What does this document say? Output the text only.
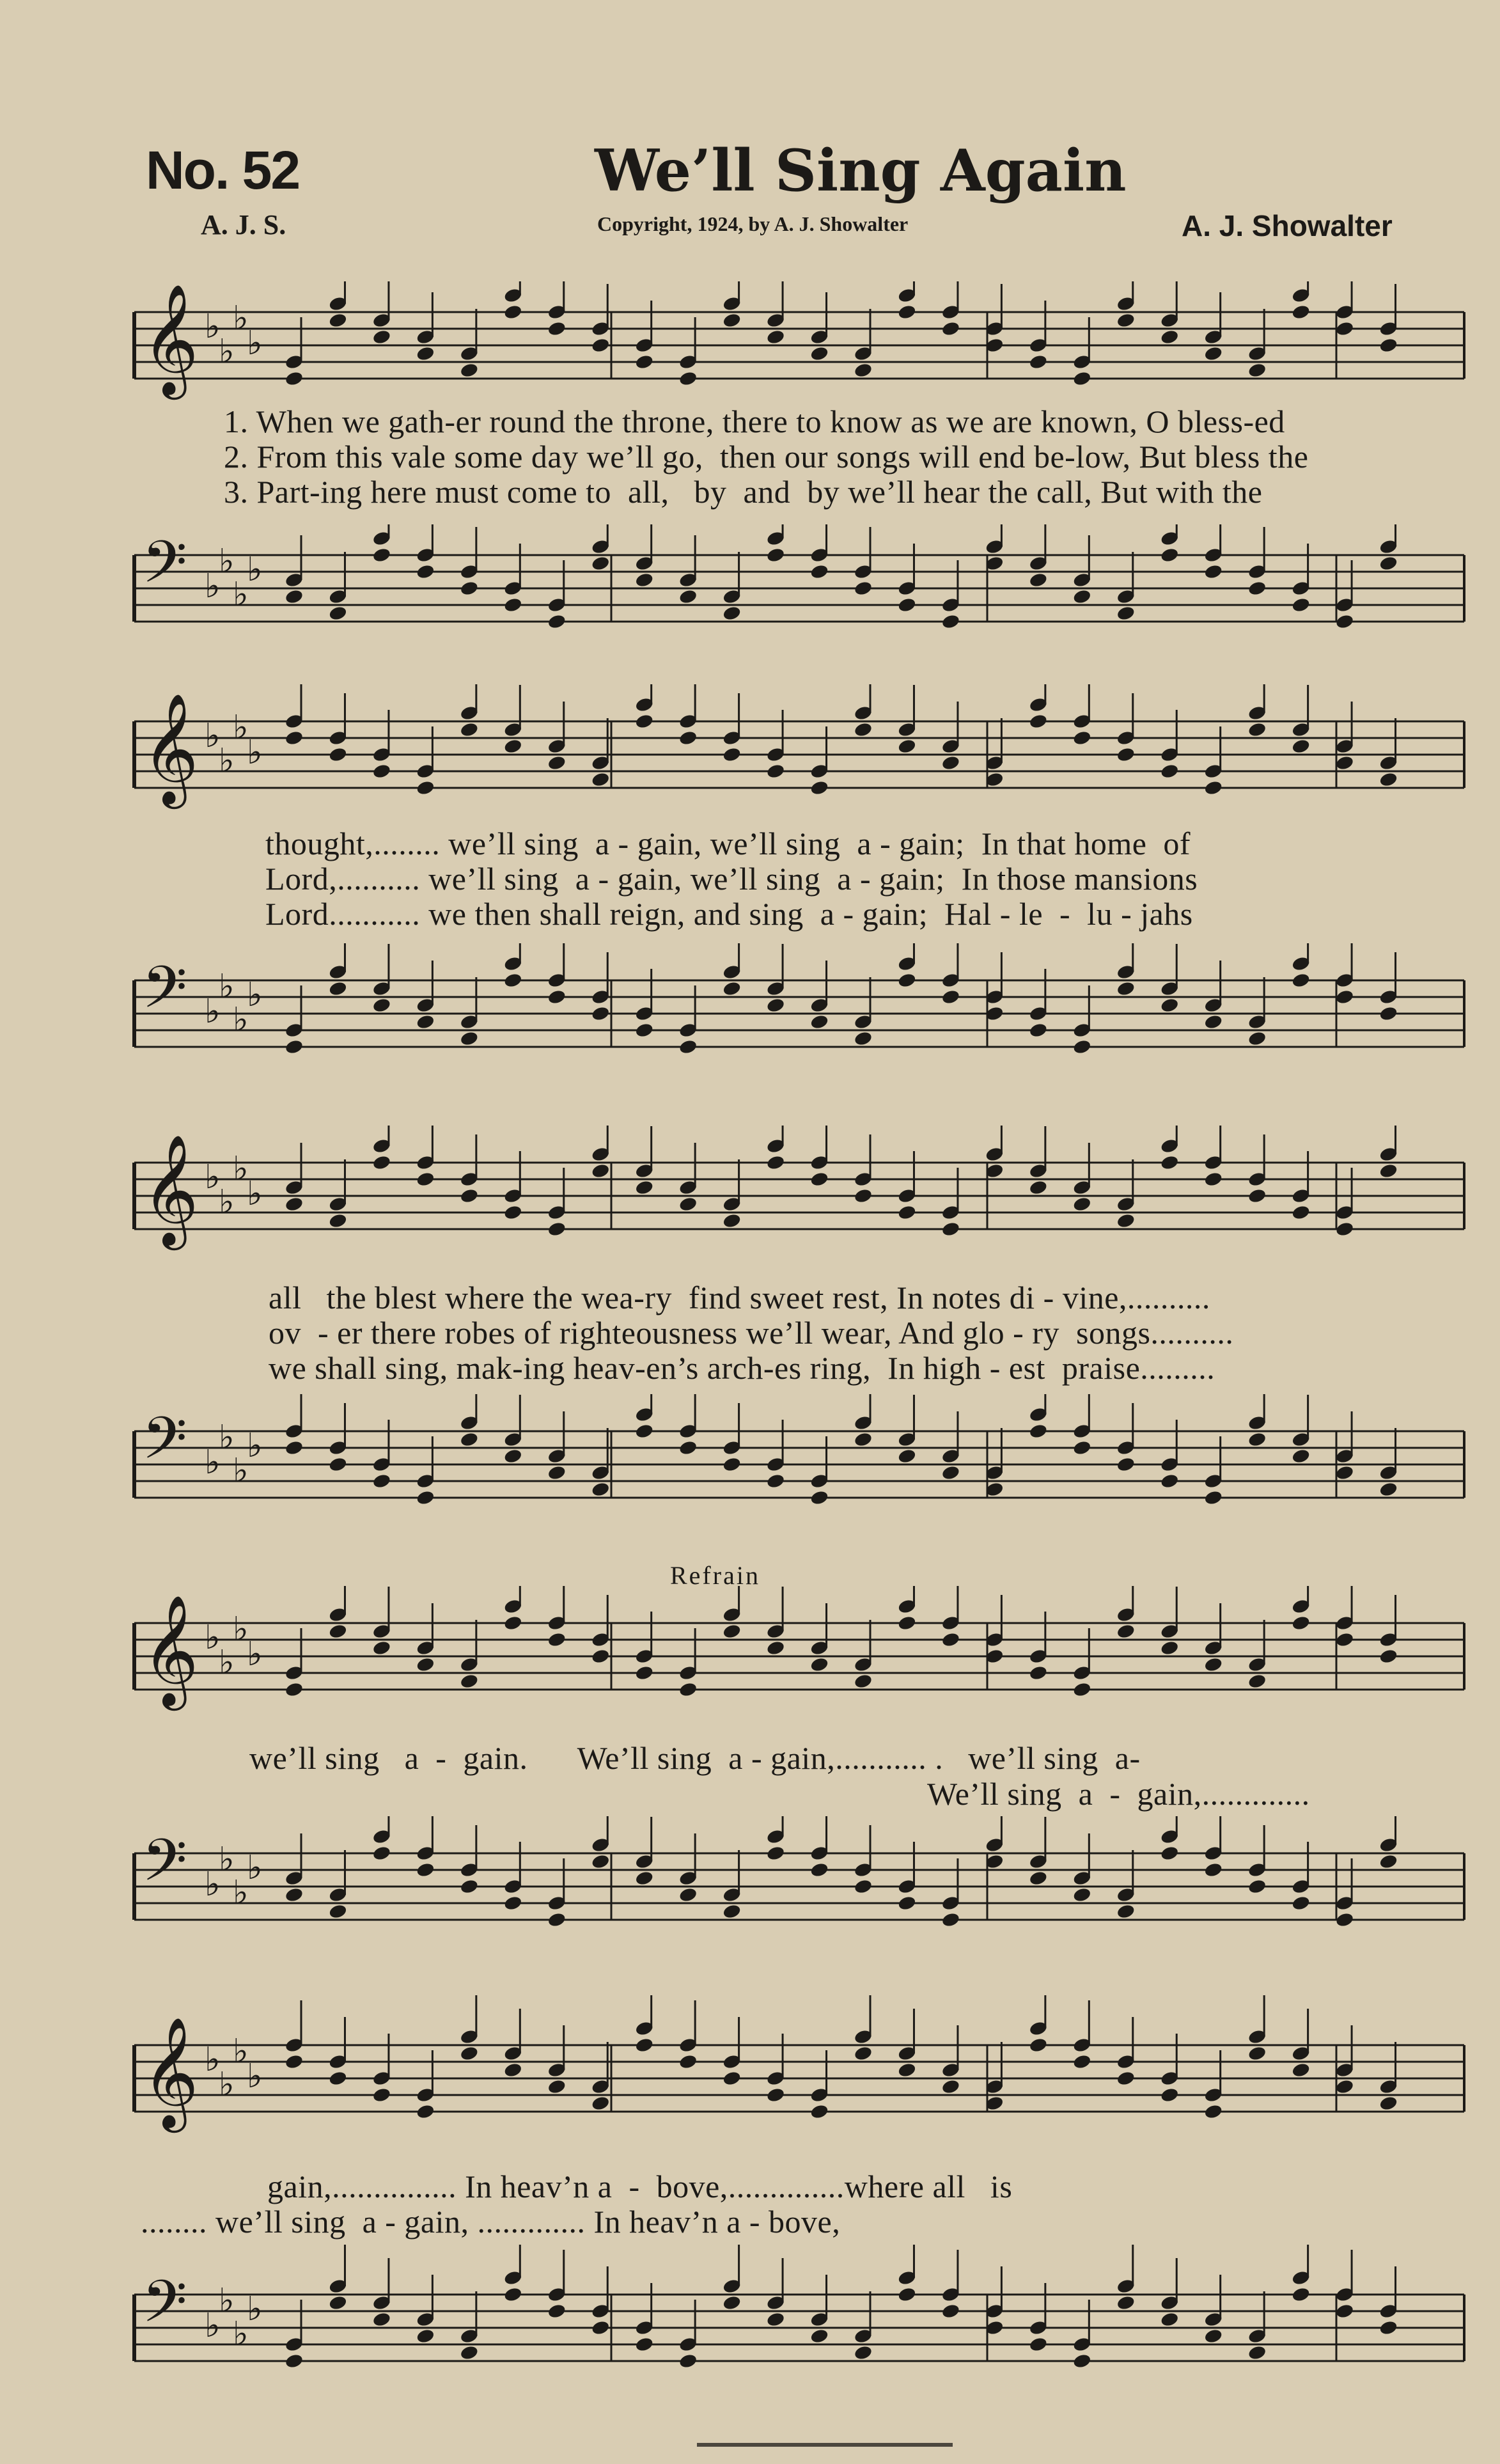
No. 52	We’ll Sing Again
A. J. S.	Copyright, 1924, by A. J. Showalter	A. J. Showalter
𝄞 ♭
♭
♭
♭
1. When we gath-er round the throne, there to know as we are known, O bless-ed
2. From this vale some day we’ll go,  then our songs will end be-low, But bless the
3. Part-ing here must come to  all,   by  and  by we’ll hear the call, But with the
𝄢 ♭
♭
♭
♭
𝄞 ♭
♭
♭
♭
thought,........ we’ll sing  a - gain, we’ll sing  a - gain;  In that home  of
Lord,.......... we’ll sing  a - gain, we’ll sing  a - gain;  In those mansions
Lord........... we then shall reign, and sing  a - gain;  Hal - le  -  lu - jahs
𝄢 ♭
♭
♭
♭
𝄞 ♭
♭
♭
♭
all   the blest where the wea-ry  find sweet rest, In notes di - vine,..........
ov  - er there robes of righteousness we’ll wear, And glo - ry  songs..........
we shall sing, mak-ing heav-en’s arch-es ring,  In high - est  praise.........
𝄢 ♭
♭
♭
♭
Refrain
𝄞 ♭
♭
♭
♭
we’ll sing   a  -  gain.      We’ll sing  a - gain,........... .   we’ll sing  a-
We’ll sing  a  -  gain,.............
𝄢 ♭
♭
♭
♭
𝄞 ♭
♭
♭
♭
gain,............... In heav’n a  -  bove,..............where all   is
........ we’ll sing  a - gain, ............. In heav’n a - bove,
𝄢 ♭
♭
♭
♭
